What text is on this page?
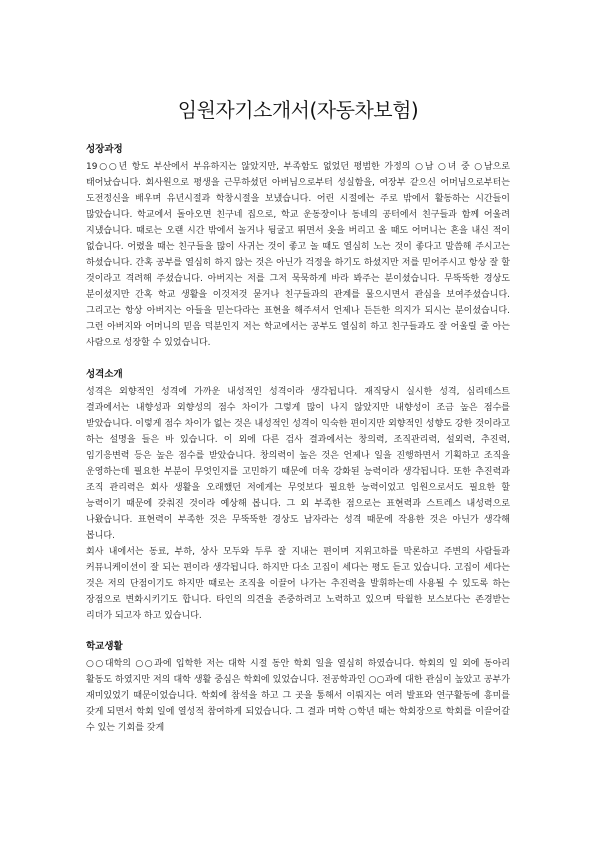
임원자기소개서(자동차보험)
성장과정

19○○년 항도 부산에서 부유하지는 않았지만, 부족함도 없었던 평범한 가정의 ○남 ○녀 중 ○남으로 태어났습니다. 회사원으로 평생을 근무하셨던 아버님으로부터 성실함을, 여장부 같으신 어머님으로부터는 도전정신을 배우며 유년시절과 학창시절을 보냈습니다. 어린 시절에는 주로 밖에서 활동하는 시간들이 많았습니다. 학교에서 돌아오면 친구네 집으로, 학교 운동장이나 동네의 공터에서 친구들과 함께 어울려 지냈습니다. 때로는 오랜 시간 밖에서 놀거나 뒹굴고 뛰면서 옷을 버리고 올 때도 어머니는 혼을 내신 적이 없습니다. 어렸을 때는 친구들을 많이 사귀는 것이 좋고 놀 때도 열심히 노는 것이 좋다고 말씀해 주시고는 하셨습니다. 간혹 공부를 열심히 하지 않는 것은 아닌가 걱정을 하기도 하셨지만 저를 믿어주시고 항상 잘 할 것이라고 격려해 주셨습니다. 아버지는 저를 그저 묵묵하게 바라 봐주는 분이셨습니다. 무뚝뚝한 경상도 분이셨지만 간혹 학교 생활을 이것저것 묻거나 친구들과의 관계를 물으시면서 관심을 보여주셨습니다. 그리고는 항상 아버지는 아들을 믿는다라는 표현을 해주셔서 언제나 든든한 의지가 되시는 분이셨습니다. 그런 아버지와 어머니의 믿음 덕분인지 저는 학교에서는 공부도 열심히 하고 친구들과도 잘 어울릴 줄 아는 사람으로 성장할 수 있었습니다.

성격소개

성격은 외향적인 성격에 가까운 내성적인 성격이라 생각됩니다. 재직당시 실시한 성격, 심리테스트 결과에서는 내향성과 외향성의 점수 차이가 그렇게 많이 나지 않았지만 내향성이 조금 높은 점수를 받았습니다. 이렇게 점수 차이가 없는 것은 내성적인 성격이 익숙한 편이지만 외향적인 성향도 강한 것이라고 하는 설명을 들은 바 있습니다. 이 외에 다른 검사 결과에서는 창의력, 조직관리력, 설외력, 추진력, 임기응변력 등은 높은 점수를 받았습니다. 창의력이 높은 것은 언제나 일을 진행하면서 기획하고 조직을 운영하는데 필요한 부분이 무엇인지를 고민하기 때문에 더욱 강화된 능력이라 생각됩니다. 또한 추진력과 조직 관리력은 회사 생활을 오래했던 저에게는 무엇보다 필요한 능력이었고 임원으로서도 필요한 할 능력이기 때문에 갖춰진 것이라 예상해 봅니다. 그 외 부족한 점으로는 표현력과 스트레스 내성력으로 나왔습니다. 표현력이 부족한 것은 무뚝뚝한 경상도 남자라는 성격 때문에 작용한 것은 아닌가 생각해 봅니다.

회사 내에서는 동료, 부하, 상사 모두와 두루 잘 지내는 편이며 지위고하를 막론하고 주변의 사람들과 커뮤니케이션이 잘 되는 편이라 생각됩니다. 하지만 다소 고집이 세다는 평도 듣고 있습니다. 고집이 세다는 것은 저의 단점이기도 하지만 때로는 조직을 이끌어 나가는 추진력을 발휘하는데 사용될 수 있도록 하는 장점으로 변화시키기도 합니다. 타인의 의견을 존중하려고 노력하고 있으며 탁월한 보스보다는 존경받는 리더가 되고자 하고 있습니다.

학교생활

○○대학의 ○○과에 입학한 저는 대학 시절 동안 학회 일을 열심히 하였습니다. 학회의 일 외에 동아리 활동도 하였지만 저의 대학 생활 중심은 학회에 있었습니다. 전공학과인 ○○과에 대한 관심이 높았고 공부가 재미있었기 때문이었습니다. 학회에 참석을 하고 그 곳을 통해서 이뤄지는 여러 발표와 연구활동에 흥미를 갖게 되면서 학회 일에 열성적 참여하게 되었습니다. 그 결과 며학 ○학년 때는 학회장으로 학회를 이끌어갈 수 있는 기회를 갖게
